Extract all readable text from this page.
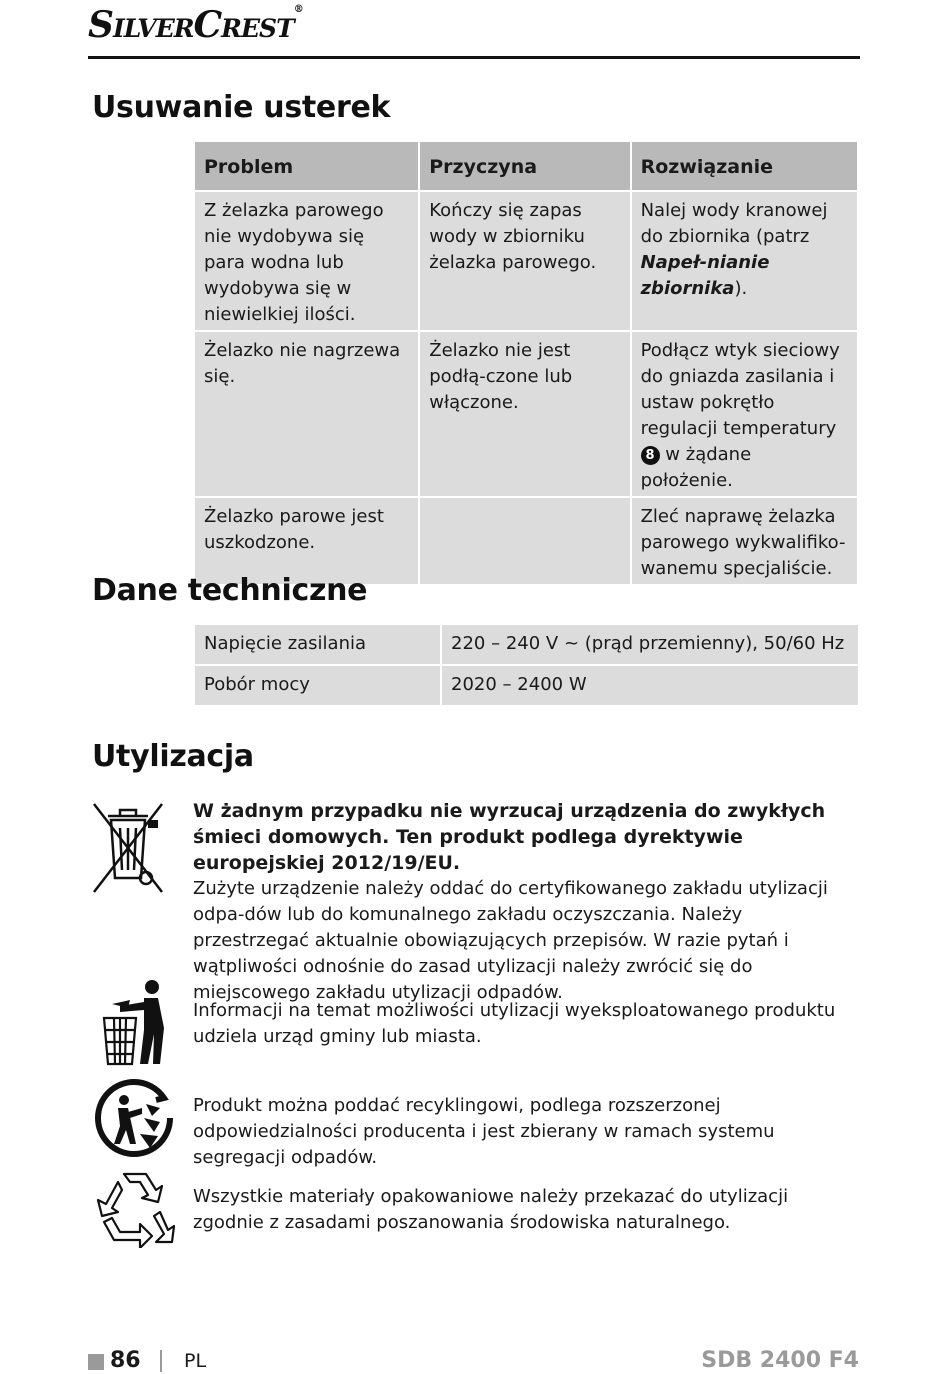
SilverCrest®
Usuwanie usterek
Problem	Przyczyna	Rozwiązanie
Z żelazka parowego nie wydobywa się para wodna lub wydobywa się w niewielkiej ilości.	Kończy się zapas wody w zbiorniku żelazka parowego.	Nalej wody kranowej do zbiornika (patrz Napeł-nianie zbiornika).
Żelazko nie nagrzewa się.	Żelazko nie jest podłą-czone lub włączone.	Podłącz wtyk sieciowy do gniazda zasilania i ustaw pokrętło regulacji temperatury 8 w żądane położenie.
Żelazko parowe jest uszkodzone.		Zleć naprawę żelazka parowego wykwalifiko-wanemu specjaliście.
Dane techniczne
Napięcie zasilania	220 – 240 V ~ (prąd przemienny), 50/60 Hz
Pobór mocy	2020 – 2400 W
Utylizacja

W żadnym przypadku nie wyrzucaj urządzenia do zwykłych śmieci domowych. Ten produkt podlega dyrektywie europejskiej 2012/19/EU.

Zużyte urządzenie należy oddać do certyfikowanego zakładu utylizacji odpa-dów lub do komunalnego zakładu oczyszczania. Należy przestrzegać aktualnie obowiązujących przepisów. W razie pytań i wątpliwości odnośnie do zasad utylizacji należy zwrócić się do miejscowego zakładu utylizacji odpadów.

Informacji na temat możliwości utylizacji wyeksploatowanego produktu udziela urząd gminy lub miasta.

Produkt można poddać recyklingowi, podlega rozszerzonej odpowiedzialności producenta i jest zbierany w ramach systemu segregacji odpadów.

Wszystkie materiały opakowaniowe należy przekazać do utylizacji zgodnie z zasadami poszanowania środowiska naturalnego.

86 PL	SDB 2400 F4
